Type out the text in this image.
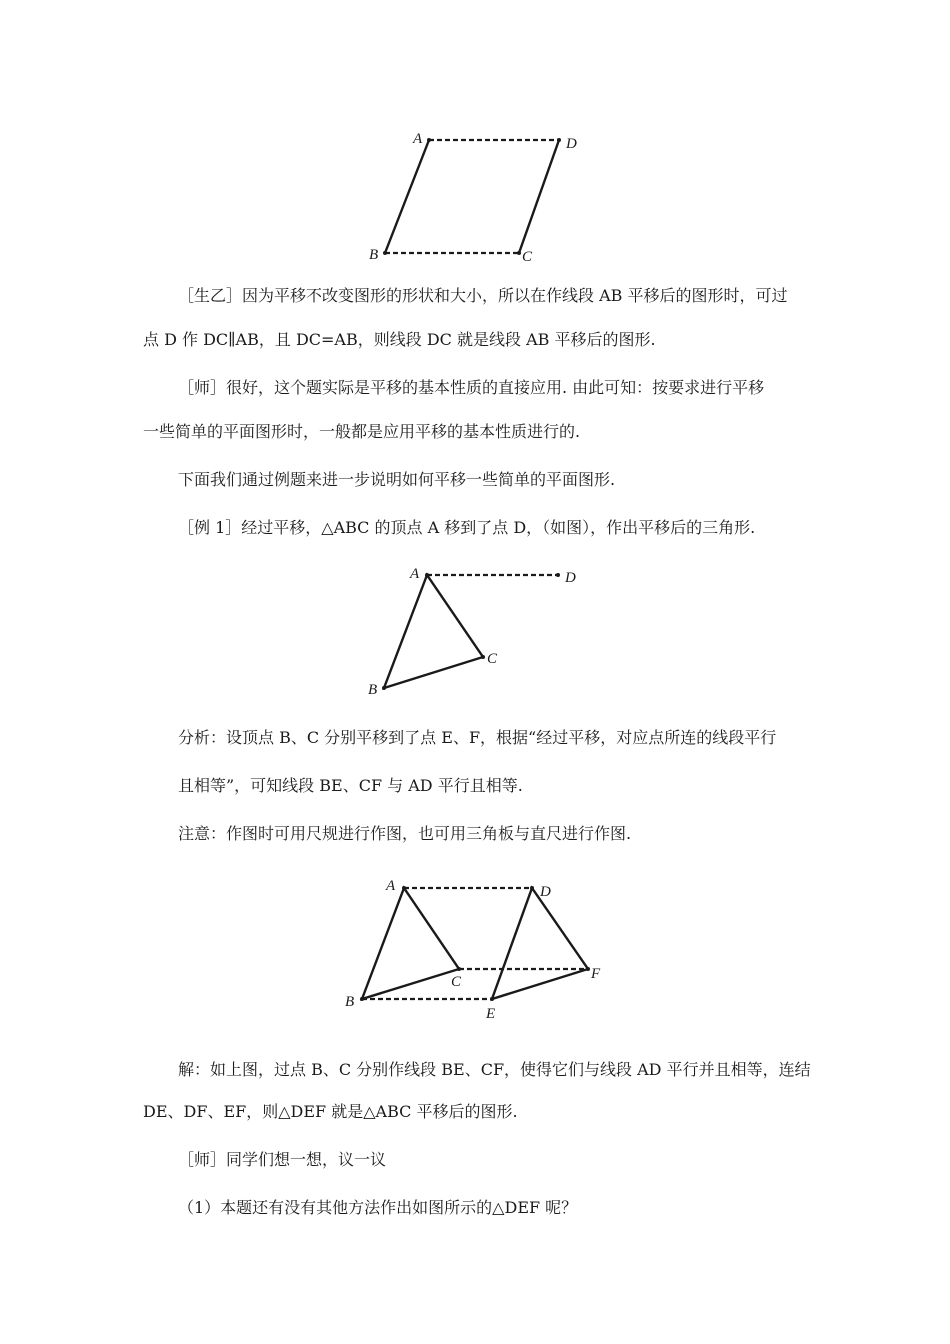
A	D
B	C
A	D
B
C
A
B
C
D
E
F

［生乙］因为平移不改变图形的形状和大小，所以在作线段 AB 平移后的图形时，可过

点 D 作 DC∥AB，且 DC=AB，则线段 DC 就是线段 AB 平移后的图形.

［师］很好，这个题实际是平移的基本性质的直接应用. 由此可知：按要求进行平移

一些简单的平面图形时，一般都是应用平移的基本性质进行的.

下面我们通过例题来进一步说明如何平移一些简单的平面图形.

［例 1］经过平移，△ABC 的顶点 A 移到了点 D，（如图），作出平移后的三角形.

分析：设顶点 B、C 分别平移到了点 E、F，根据“经过平移，对应点所连的线段平行

且相等”，可知线段 BE、CF 与 AD 平行且相等.

注意：作图时可用尺规进行作图，也可用三角板与直尺进行作图.

解：如上图，过点 B、C 分别作线段 BE、CF，使得它们与线段 AD 平行并且相等，连结

DE、DF、EF，则△DEF 就是△ABC 平移后的图形.

［师］同学们想一想，议一议

（1）本题还有没有其他方法作出如图所示的△DEF 呢？
